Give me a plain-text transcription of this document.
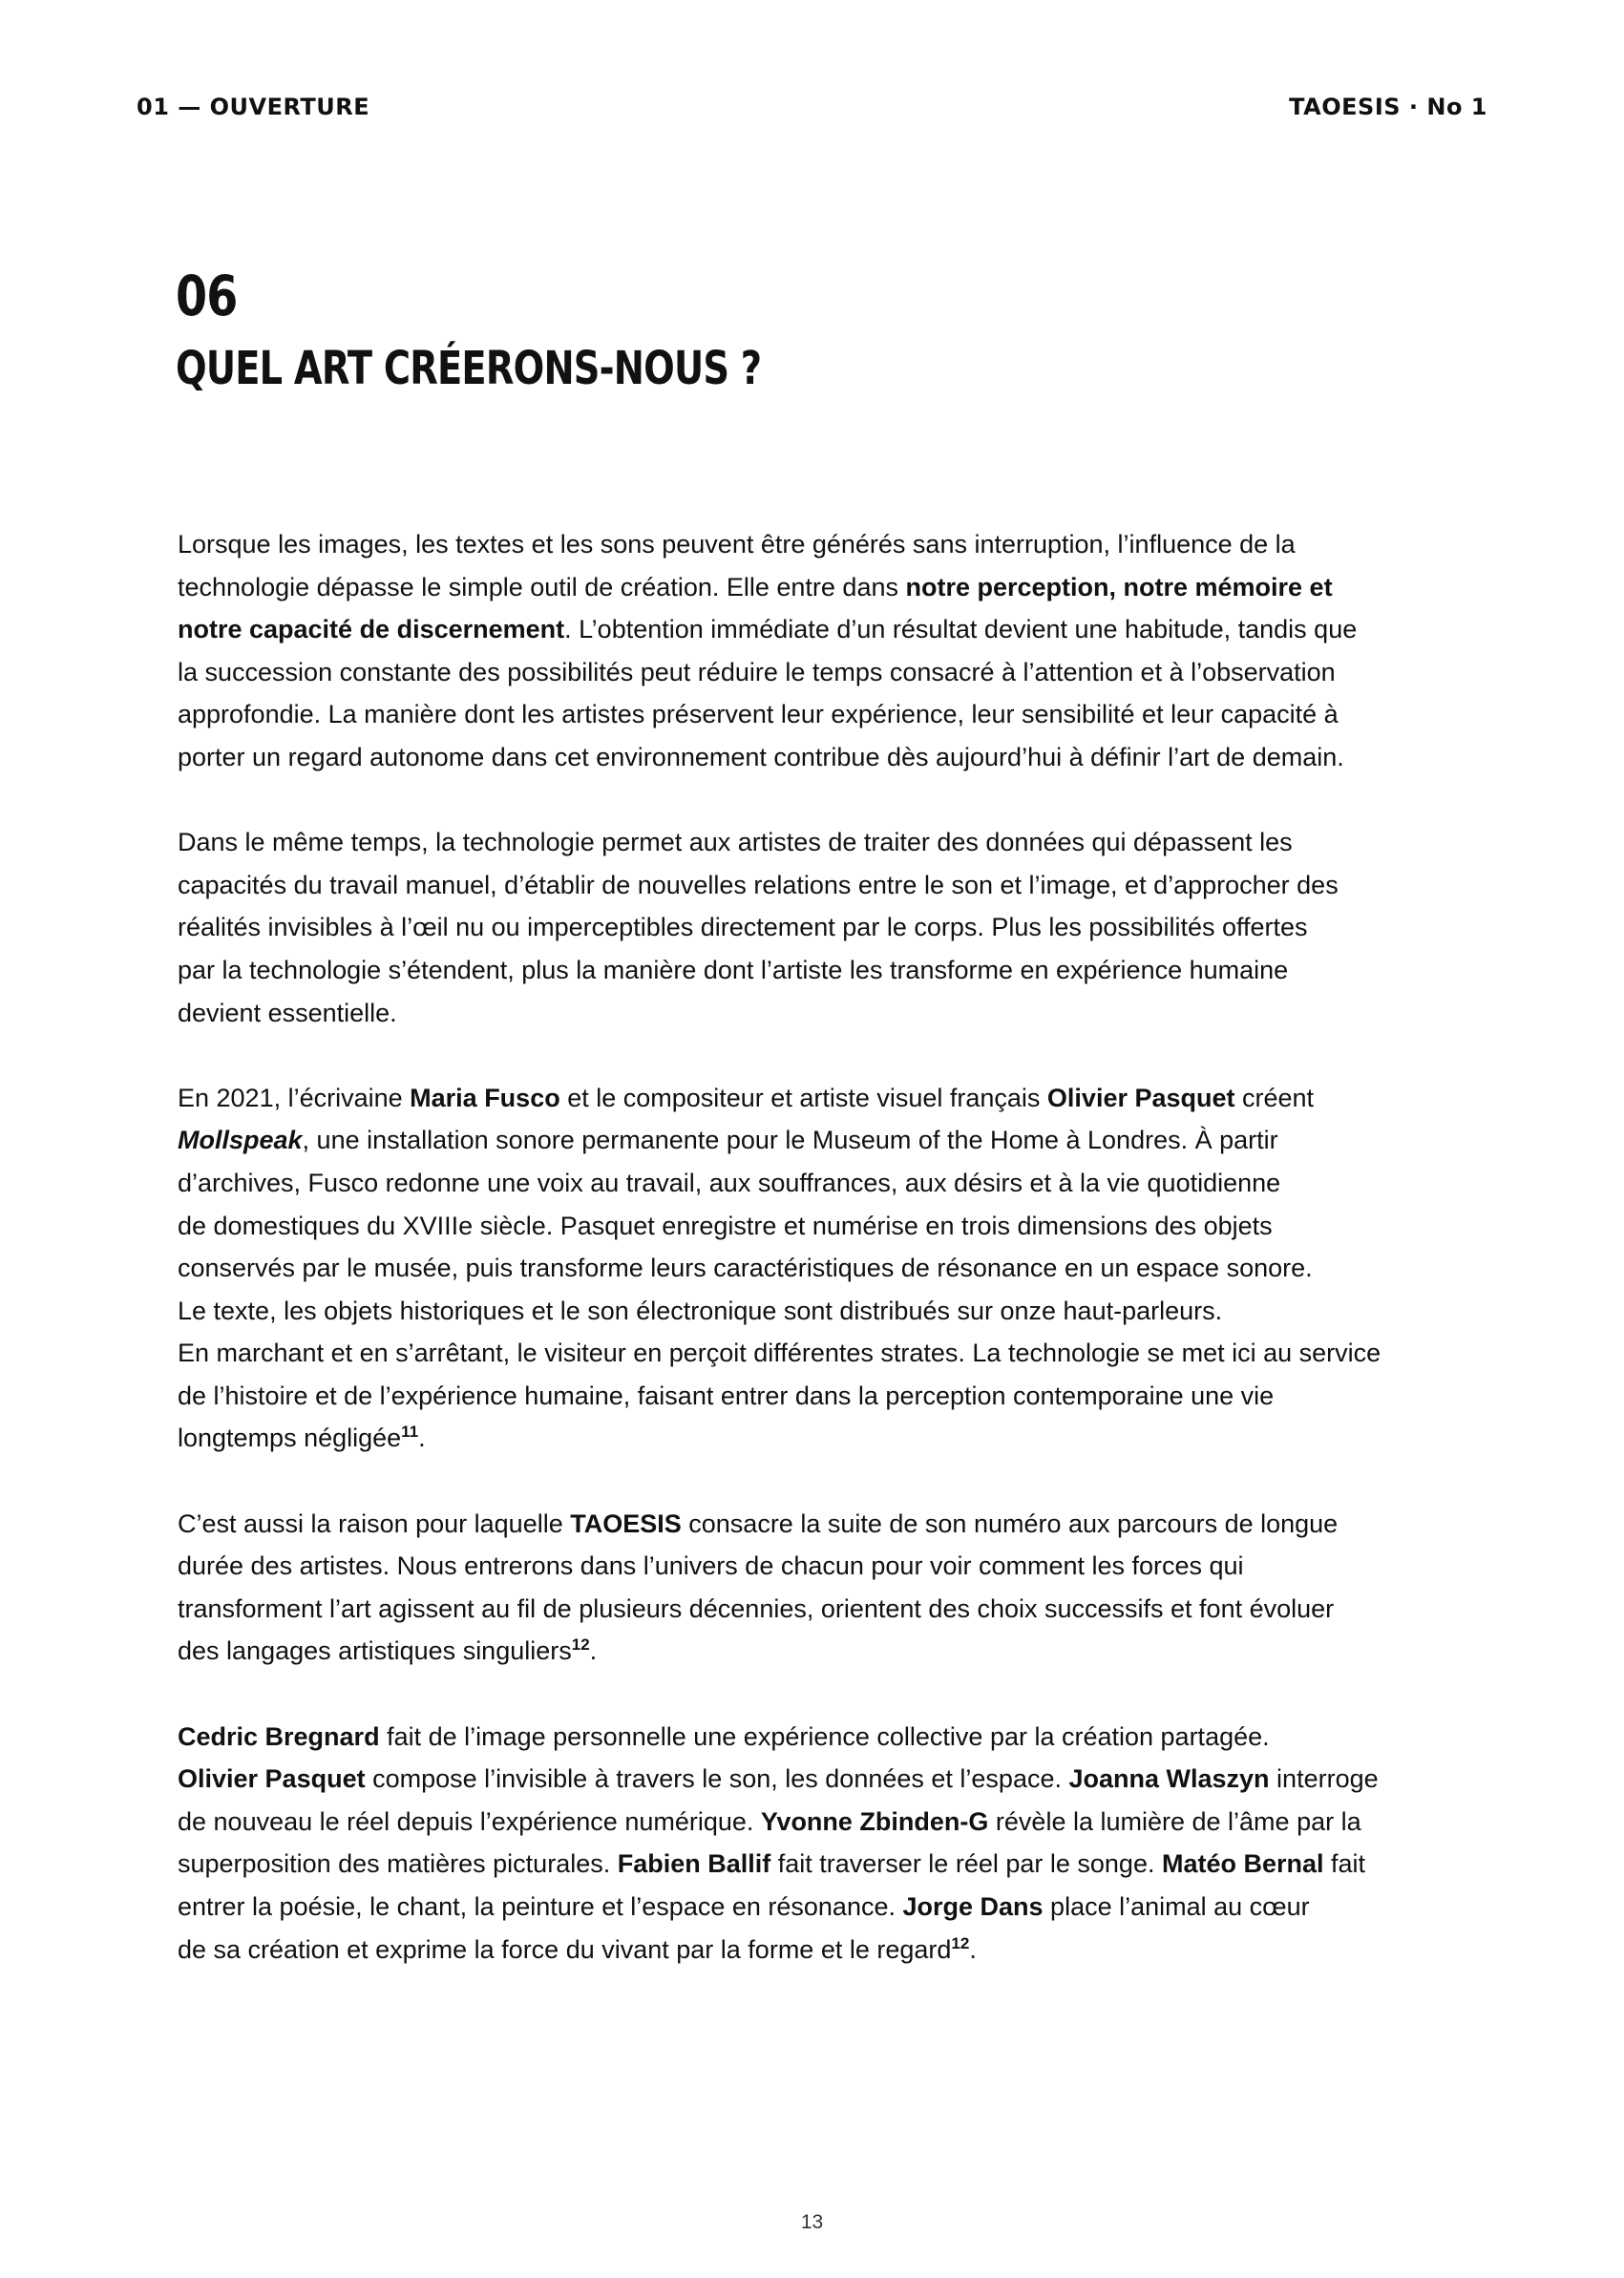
01 — OUVERTURE	TAOESIS · No 1
06
QUEL ART CRÉERONS-NOUS ?

Lorsque les images, les textes et les sons peuvent être générés sans interruption, l’influence de la
technologie dépasse le simple outil de création. Elle entre dans notre perception, notre mémoire et
notre capacité de discernement. L’obtention immédiate d’un résultat devient une habitude, tandis que
la succession constante des possibilités peut réduire le temps consacré à l’attention et à l’observation
approfondie. La manière dont les artistes préservent leur expérience, leur sensibilité et leur capacité à
porter un regard autonome dans cet environnement contribue dès aujourd’hui à définir l’art de demain.

Dans le même temps, la technologie permet aux artistes de traiter des données qui dépassent les
capacités du travail manuel, d’établir de nouvelles relations entre le son et l’image, et d’approcher des
réalités invisibles à l’œil nu ou imperceptibles directement par le corps. Plus les possibilités offertes
par la technologie s’étendent, plus la manière dont l’artiste les transforme en expérience humaine
devient essentielle.

En 2021, l’écrivaine Maria Fusco et le compositeur et artiste visuel français Olivier Pasquet créent
Mollspeak, une installation sonore permanente pour le Museum of the Home à Londres. À partir
d’archives, Fusco redonne une voix au travail, aux souffrances, aux désirs et à la vie quotidienne
de domestiques du XVIIIe siècle. Pasquet enregistre et numérise en trois dimensions des objets
conservés par le musée, puis transforme leurs caractéristiques de résonance en un espace sonore.
Le texte, les objets historiques et le son électronique sont distribués sur onze haut-parleurs.
En marchant et en s’arrêtant, le visiteur en perçoit différentes strates. La technologie se met ici au service
de l’histoire et de l’expérience humaine, faisant entrer dans la perception contemporaine une vie
longtemps négligée$^{11}$.

C’est aussi la raison pour laquelle TAOESIS consacre la suite de son numéro aux parcours de longue
durée des artistes. Nous entrerons dans l’univers de chacun pour voir comment les forces qui
transforment l’art agissent au fil de plusieurs décennies, orientent des choix successifs et font évoluer
des langages artistiques singuliers$^{12}$.

Cedric Bregnard fait de l’image personnelle une expérience collective par la création partagée.
Olivier Pasquet compose l’invisible à travers le son, les données et l’espace. Joanna Wlaszyn interroge
de nouveau le réel depuis l’expérience numérique. Yvonne Zbinden-G révèle la lumière de l’âme par la
superposition des matières picturales. Fabien Ballif fait traverser le réel par le songe. Matéo Bernal fait
entrer la poésie, le chant, la peinture et l’espace en résonance. Jorge Dans place l’animal au cœur
de sa création et exprime la force du vivant par la forme et le regard$^{12}$.

13
